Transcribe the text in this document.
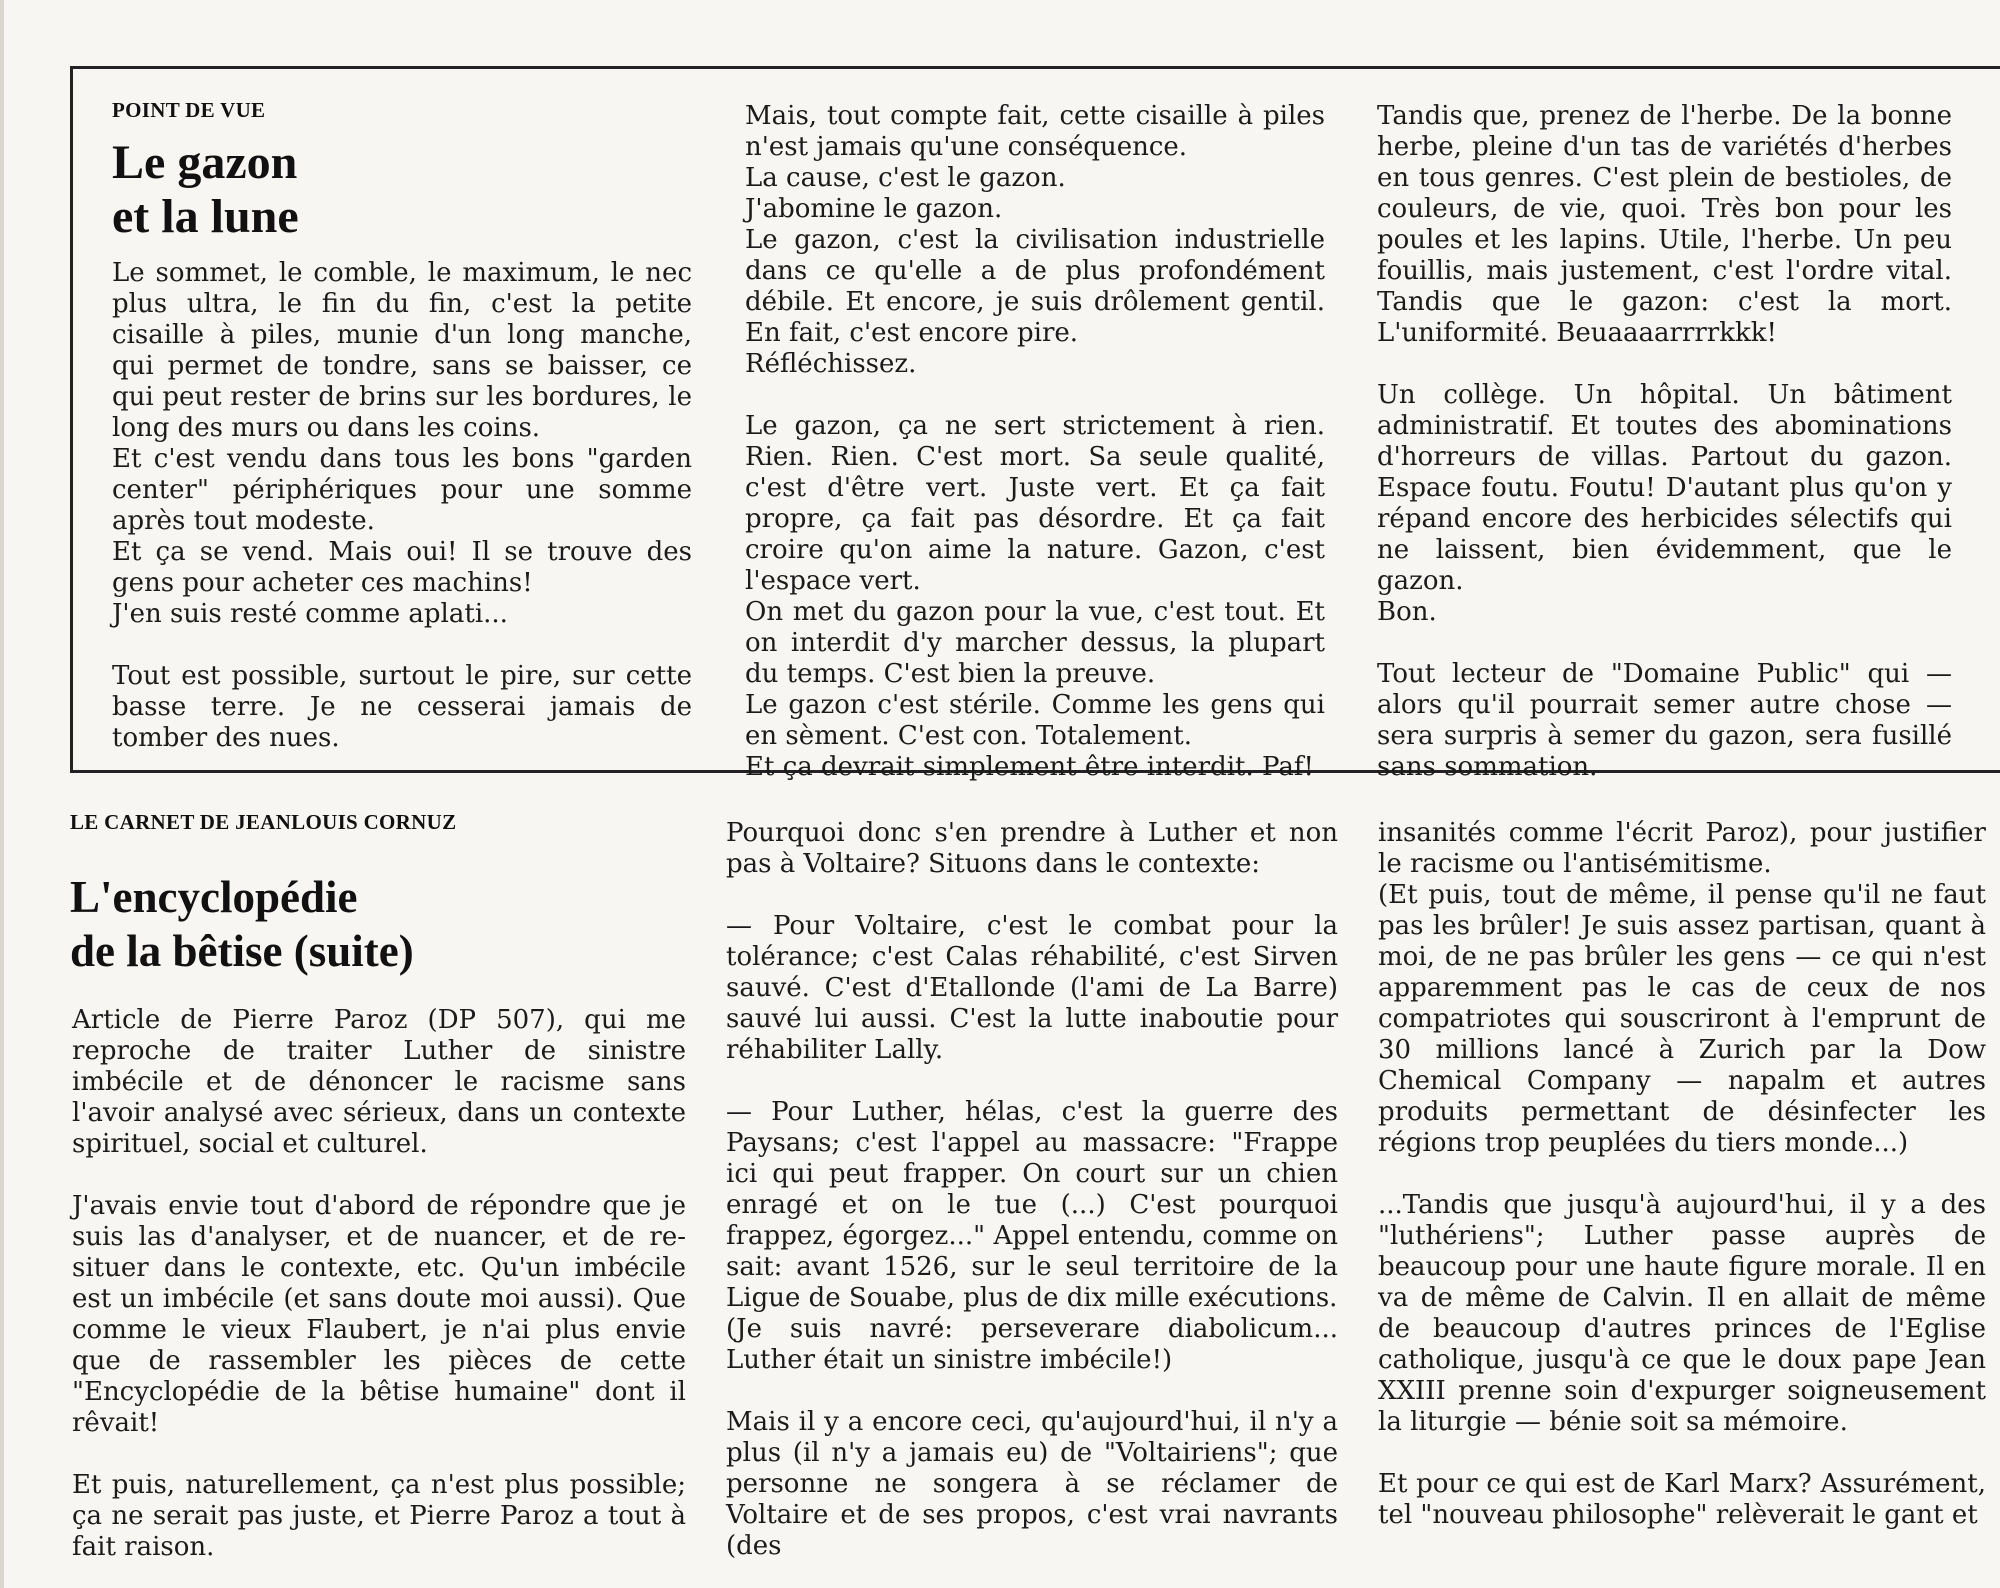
POINT DE VUE
Le gazon
et la lune

Le sommet, le comble, le maximum, le nec plus ultra, le fin du fin, c'est la petite cisaille à piles, munie d'un long manche, qui permet de tondre, sans se baisser, ce qui peut rester de brins sur les bordures, le long des murs ou dans les coins.

Et c'est vendu dans tous les bons "garden center" périphériques pour une somme après tout modeste.

Et ça se vend. Mais oui! Il se trouve des gens pour acheter ces machins!

J'en suis resté comme aplati...

Tout est possible, surtout le pire, sur cette basse terre. Je ne cesserai jamais de tomber des nues.

Mais, tout compte fait, cette cisaille à piles n'est jamais qu'une conséquence.

La cause, c'est le gazon.

J'abomine le gazon.

Le gazon, c'est la civilisation industrielle dans ce qu'elle a de plus profondément débile. Et encore, je suis drôlement gentil. En fait, c'est encore pire.

Réfléchissez.

Le gazon, ça ne sert strictement à rien. Rien. Rien. C'est mort. Sa seule qualité, c'est d'être vert. Juste vert. Et ça fait propre, ça fait pas désordre. Et ça fait croire qu'on aime la nature. Gazon, c'est l'espace vert.

On met du gazon pour la vue, c'est tout. Et on interdit d'y marcher dessus, la plupart du temps. C'est bien la preuve.

Le gazon c'est stérile. Comme les gens qui en sèment. C'est con. Totalement.

Et ça devrait simplement être interdit. Paf!

Tandis que, prenez de l'herbe. De la bonne herbe, pleine d'un tas de variétés d'herbes en tous genres. C'est plein de bestioles, de couleurs, de vie, quoi. Très bon pour les poules et les lapins. Utile, l'herbe. Un peu fouillis, mais justement, c'est l'ordre vital. Tandis que le gazon: c'est la mort. L'uniformité. Beuaaaarrrrkkk!

Un collège. Un hôpital. Un bâtiment administratif. Et toutes des abominations d'horreurs de villas. Partout du gazon. Espace foutu. Foutu! D'autant plus qu'on y répand encore des herbicides sélectifs qui ne laissent, bien évidemment, que le gazon.

Bon.

Tout lecteur de "Domaine Public" qui — alors qu'il pourrait semer autre chose — sera surpris à semer du gazon, sera fusillé sans sommation.

LE CARNET DE JEANLOUIS CORNUZ
L'encyclopédie
de la bêtise (suite)

Article de Pierre Paroz (DP 507), qui me reproche de traiter Luther de sinistre imbécile et de dénoncer le racisme sans l'avoir analysé avec sérieux, dans un contexte spirituel, social et culturel.

J'avais envie tout d'abord de répondre que je suis las d'analyser, et de nuancer, et de re-situer dans le contexte, etc. Qu'un imbécile est un imbécile (et sans doute moi aussi). Que comme le vieux Flaubert, je n'ai plus envie que de rassembler les pièces de cette "Encyclopédie de la bêtise humaine" dont il rêvait!

Et puis, naturellement, ça n'est plus possible; ça ne serait pas juste, et Pierre Paroz a tout à fait raison.

Pourquoi donc s'en prendre à Luther et non pas à Voltaire? Situons dans le contexte:

— Pour Voltaire, c'est le combat pour la tolérance; c'est Calas réhabilité, c'est Sirven sauvé. C'est d'Etallonde (l'ami de La Barre) sauvé lui aussi. C'est la lutte inaboutie pour réhabiliter Lally.

— Pour Luther, hélas, c'est la guerre des Paysans; c'est l'appel au massacre: "Frappe ici qui peut frapper. On court sur un chien enragé et on le tue (...) C'est pourquoi frappez, égorgez..." Appel entendu, comme on sait: avant 1526, sur le seul territoire de la Ligue de Souabe, plus de dix mille exécutions.

(Je suis navré: perseverare diabolicum... Luther était un sinistre imbécile!)

Mais il y a encore ceci, qu'aujourd'hui, il n'y a plus (il n'y a jamais eu) de "Voltairiens"; que personne ne songera à se réclamer de Voltaire et de ses propos, c'est vrai navrants (des

insanités comme l'écrit Paroz), pour justifier le racisme ou l'antisémitisme.

(Et puis, tout de même, il pense qu'il ne faut pas les brûler! Je suis assez partisan, quant à moi, de ne pas brûler les gens — ce qui n'est apparemment pas le cas de ceux de nos compatriotes qui souscriront à l'emprunt de 30 millions lancé à Zurich par la Dow Chemical Company — napalm et autres produits permettant de désinfecter les régions trop peuplées du tiers monde...)

...Tandis que jusqu'à aujourd'hui, il y a des "luthériens"; Luther passe auprès de beaucoup pour une haute figure morale. Il en va de même de Calvin. Il en allait de même de beaucoup d'autres princes de l'Eglise catholique, jusqu'à ce que le doux pape Jean XXIII prenne soin d'expurger soigneusement la liturgie — bénie soit sa mémoire.

Et pour ce qui est de Karl Marx? Assurément, tel "nouveau philosophe" relèverait le gant et
